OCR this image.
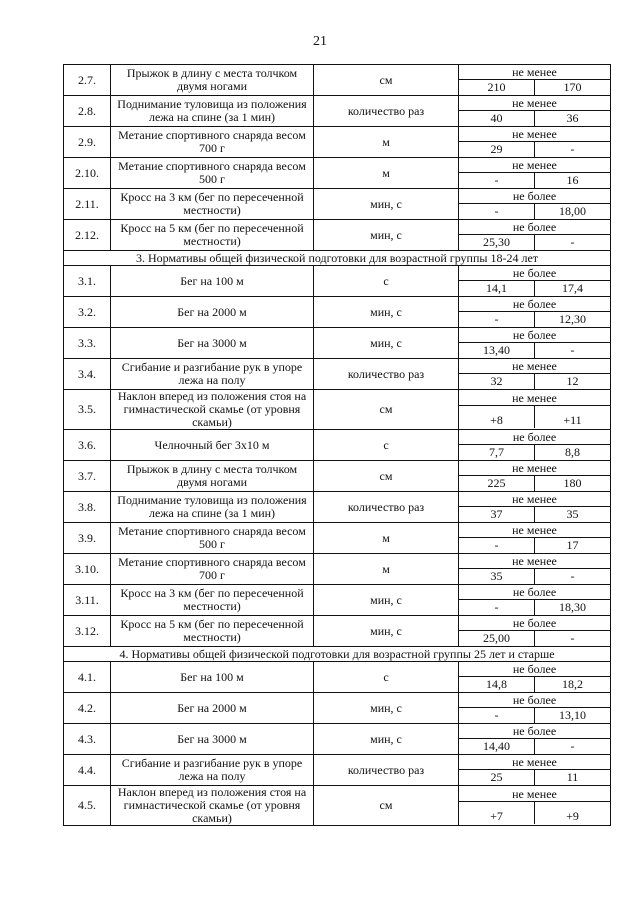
21
2.7.	Прыжок в длину с места толчком двумя ногами	см	не менее
210 170

2.8.	Поднимание туловища из положения лежа на спине (за 1 мин)	количество раз	не менее
40 36

2.9.	Метание спортивного снаряда весом 700 г	м	не менее
29 -

2.10.	Метание спортивного снаряда весом 500 г	м	не менее
- 16

2.11.	Кросс на 3 км (бег по пересеченной местности)	мин, с	не более
- 18,00

2.12.	Кросс на 5 км (бег по пересеченной местности)	мин, с	не более
25,30 -

3. Нормативы общей физической подготовки для возрастной группы 18-24 лет			
3.1.	Бег на 100 м	с	не более
14,1 17,4

3.2.	Бег на 2000 м	мин, с	не более
- 12,30

3.3.	Бег на 3000 м	мин, с	не более
13,40 -

3.4.	Сгибание и разгибание рук в упоре лежа на полу	количество раз	не менее
32 12

3.5.	Наклон вперед из положения стоя на гимнастической скамье (от уровня скамьи)	см	не менее
+8 +11

3.6.	Челночный бег 3х10 м	с	не более
7,7 8,8

3.7.	Прыжок в длину с места толчком двумя ногами	см	не менее
225 180

3.8.	Поднимание туловища из положения лежа на спине (за 1 мин)	количество раз	не менее
37 35

3.9.	Метание спортивного снаряда весом 500 г	м	не менее
- 17

3.10.	Метание спортивного снаряда весом 700 г	м	не менее
35 -

3.11.	Кросс на 3 км (бег по пересеченной местности)	мин, с	не более
- 18,30

3.12.	Кросс на 5 км (бег по пересеченной местности)	мин, с	не более
25,00 -

4. Нормативы общей физической подготовки для возрастной группы 25 лет и старше			
4.1.	Бег на 100 м	с	не более
14,8 18,2

4.2.	Бег на 2000 м	мин, с	не более
- 13,10

4.3.	Бег на 3000 м	мин, с	не более
14,40 -

4.4.	Сгибание и разгибание рук в упоре лежа на полу	количество раз	не менее
25 11

4.5.	Наклон вперед из положения стоя на гимнастической скамье (от уровня скамьи)	см	не менее
+7 +9
